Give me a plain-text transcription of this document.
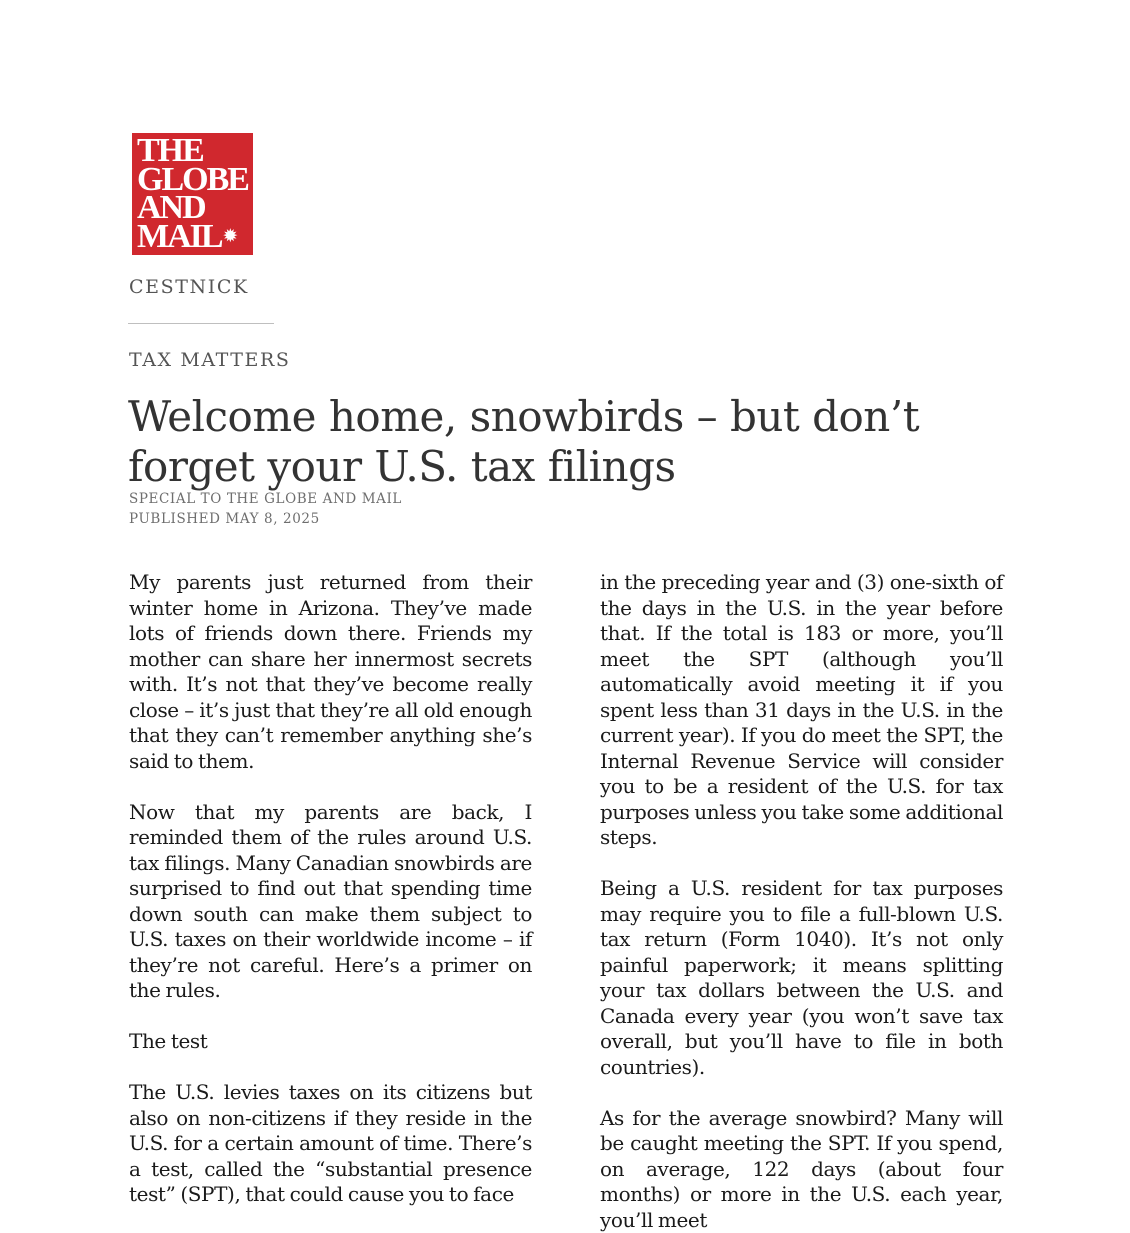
THE
GLOBE
AND
MAIL ✹
CESTNICK
TAX MATTERS
Welcome home, snowbirds – but don’t forget your U.S. tax filings
SPECIAL TO THE GLOBE AND MAIL
PUBLISHED MAY 8, 2025

My parents just returned from their winter home in Arizona. They’ve made lots of friends down there. Friends my mother can share her innermost secrets with. It’s not that they’ve become really close – it’s just that they’re all old enough that they can’t remember anything she’s said to them.

Now that my parents are back, I reminded them of the rules around U.S. tax filings. Many Canadian snowbirds are surprised to find out that spending time down south can make them subject to U.S. taxes on their worldwide income – if they’re not careful. Here’s a primer on the rules.

The test

The U.S. levies taxes on its citizens but also on non-citizens if they reside in the U.S. for a certain amount of time. There’s a test, called the “substantial presence test” (SPT), that could cause you to face

in the preceding year and (3) one-sixth of the days in the U.S. in the year before that. If the total is 183 or more, you’ll meet the SPT (although you’ll automatically avoid meeting it if you spent less than 31 days in the U.S. in the current year). If you do meet the SPT, the Internal Revenue Service will consider you to be a resident of the U.S. for tax purposes unless you take some additional steps.

Being a U.S. resident for tax purposes may require you to file a full-blown U.S. tax return (Form 1040). It’s not only painful paperwork; it means splitting your tax dollars between the U.S. and Canada every year (you won’t save tax overall, but you’ll have to file in both countries).

As for the average snowbird? Many will be caught meeting the SPT. If you spend, on average, 122 days (about four months) or more in the U.S. each year, you’ll meet
